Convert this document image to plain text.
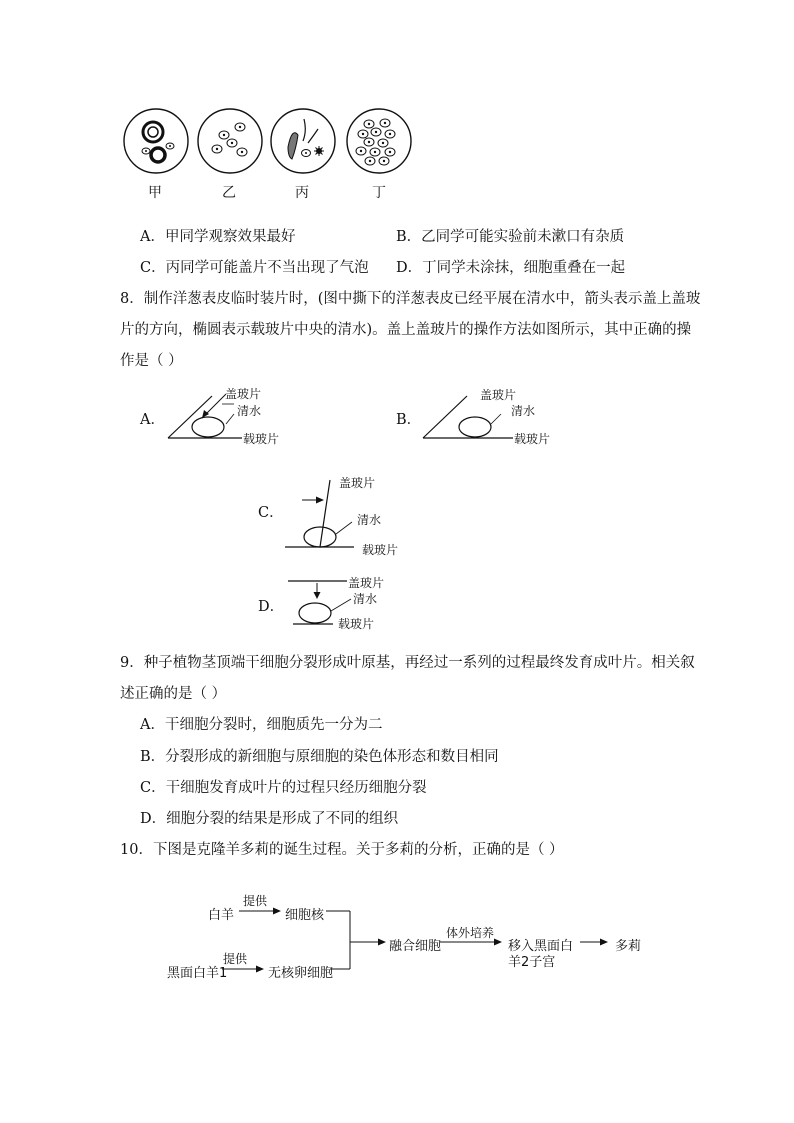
甲	乙	丙	丁
A．甲同学观察效果最好	B．乙同学可能实验前未漱口有杂质
C．丙同学可能盖片不当出现了气泡 D．丁同学未涂抹，细胞重叠在一起
8．制作洋葱表皮临时装片时，(图中撕下的洋葱表皮已经平展在清水中，箭头表示盖上盖玻
片的方向，椭圆表示载玻片中央的清水)。盖上盖玻片的操作方法如图所示，其中正确的操
作是（ ）
A．
盖玻片
清水
载玻片
B．
盖玻片
清水
载玻片
C．
盖玻片
清水
载玻片
D．
盖玻片
清水
载玻片
9．种子植物茎顶端干细胞分裂形成叶原基，再经过一系列的过程最终发育成叶片。相关叙
述正确的是（ ）
A．干细胞分裂时，细胞质先一分为二
B．分裂形成的新细胞与原细胞的染色体形态和数目相同
C．干细胞发育成叶片的过程只经历细胞分裂
D．细胞分裂的结果是形成了不同的组织
10．下图是克隆羊多莉的诞生过程。关于多莉的分析，正确的是（ ）
白羊
提供
细胞核
黑面白羊1
提供
无核卵细胞
融合细胞
体外培养
移入黑面白
羊2子宫
多莉
